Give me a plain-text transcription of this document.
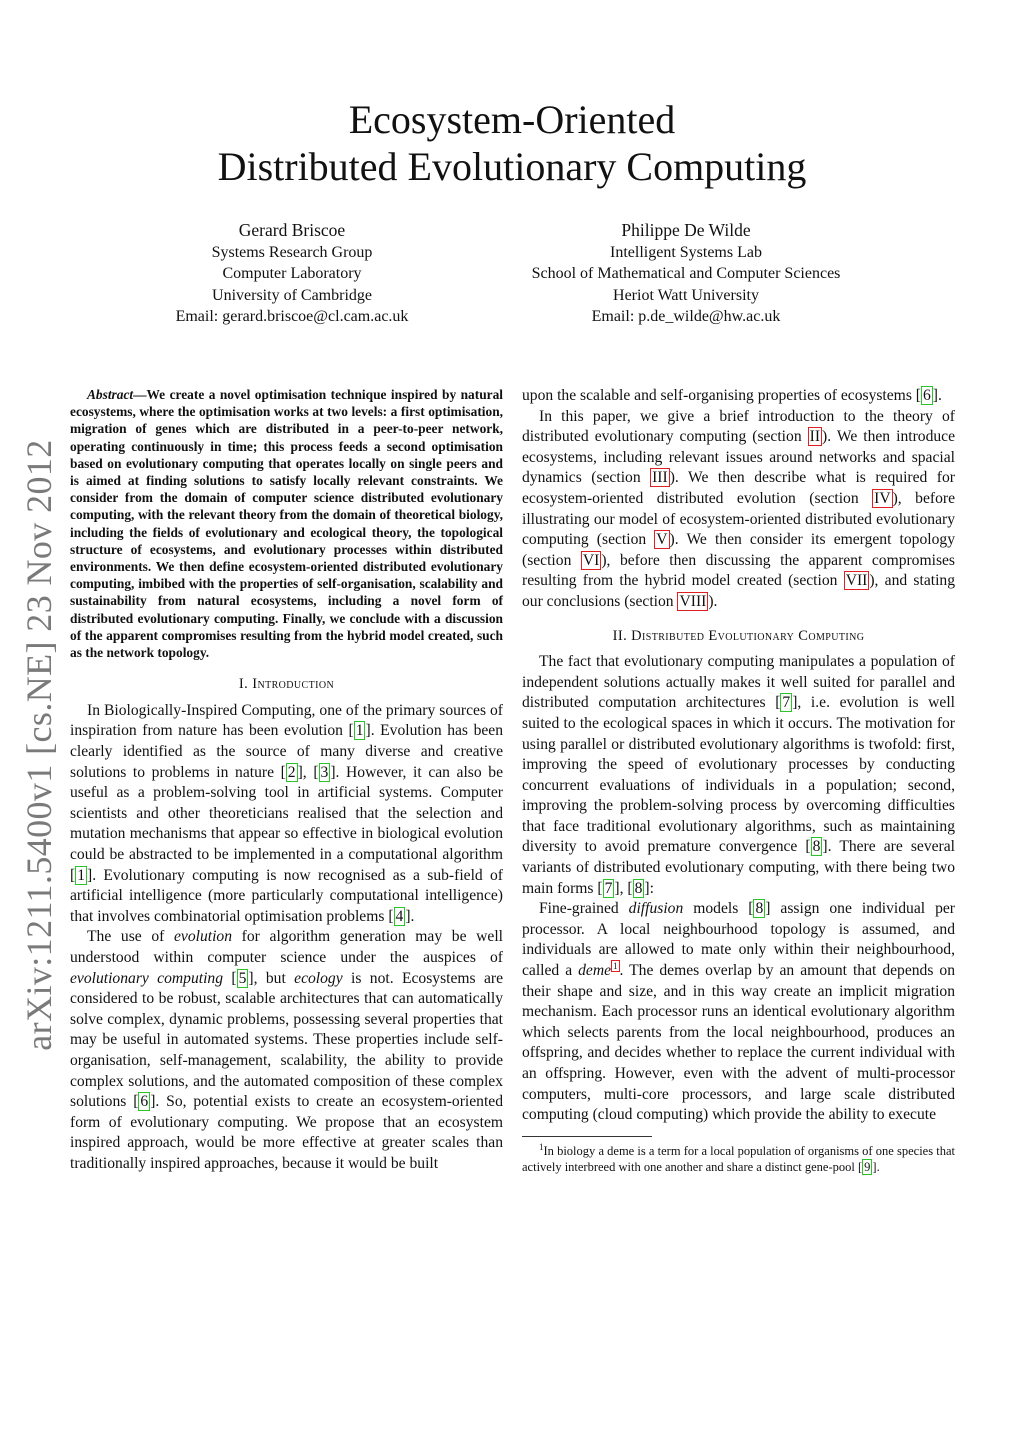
Ecosystem-Oriented
Distributed Evolutionary Computing
Gerard Briscoe
Systems Research Group
Computer Laboratory
University of Cambridge
Email: gerard.briscoe@cl.cam.ac.uk
Philippe De Wilde
Intelligent Systems Lab
School of Mathematical and Computer Sciences
Heriot Watt University
Email: p.de_wilde@hw.ac.uk
arXiv:1211.5400v1 [cs.NE] 23 Nov 2012

Abstract—We create a novel optimisation technique inspired by natural ecosystems, where the optimisation works at two levels: a first optimisation, migration of genes which are distributed in a peer-to-peer network, operating continuously in time; this process feeds a second optimisation based on evolutionary computing that operates locally on single peers and is aimed at finding solutions to satisfy locally relevant constraints. We consider from the domain of computer science distributed evolutionary computing, with the relevant theory from the domain of theoretical biology, including the fields of evolutionary and ecological theory, the topological structure of ecosystems, and evolutionary processes within distributed environments. We then define ecosystem-oriented distributed evolutionary computing, imbibed with the properties of self-organisation, scalability and sustainability from natural ecosystems, including a novel form of distributed evolutionary computing. Finally, we conclude with a discussion of the apparent compromises resulting from the hybrid model created, such as the network topology.

I. Introduction

In Biologically-Inspired Computing, one of the primary sources of inspiration from nature has been evolution [ 1 ]. Evolution has been clearly identified as the source of many diverse and creative solutions to problems in nature [ 2 ], [ 3 ]. However, it can also be useful as a problem-solving tool in artificial systems. Computer scientists and other theoreticians realised that the selection and mutation mechanisms that appear so effective in biological evolution could be abstracted to be implemented in a computational algorithm [ 1 ]. Evolutionary computing is now recognised as a sub-field of artificial intelligence (more particularly computational intelligence) that involves combinatorial optimisation problems [ 4 ].

The use of evolution for algorithm generation may be well understood within computer science under the auspices of evolutionary computing [ 5 ], but ecology is not. Ecosystems are considered to be robust, scalable architectures that can automatically solve complex, dynamic problems, possessing several properties that may be useful in automated systems. These properties include self-organisation, self-management, scalability, the ability to provide complex solutions, and the automated composition of these complex solutions [ 6 ]. So, potential exists to create an ecosystem-oriented form of evolutionary computing. We propose that an ecosystem inspired approach, would be more effective at greater scales than traditionally inspired approaches, because it would be built

upon the scalable and self-organising properties of ecosystems [ 6 ].

In this paper, we give a brief introduction to the theory of distributed evolutionary computing (section II ). We then introduce ecosystems, including relevant issues around networks and spacial dynamics (section III ). We then describe what is required for ecosystem-oriented distributed evolution (section IV ), before illustrating our model of ecosystem-oriented distributed evolutionary computing (section V ). We then consider its emergent topology (section VI ), before then discussing the apparent compromises resulting from the hybrid model created (section VII ), and stating our conclusions (section VIII ).

II. Distributed Evolutionary Computing

The fact that evolutionary computing manipulates a population of independent solutions actually makes it well suited for parallel and distributed computation architectures [ 7 ], i.e. evolution is well suited to the ecological spaces in which it occurs. The motivation for using parallel or distributed evolutionary algorithms is twofold: first, improving the speed of evolutionary processes by conducting concurrent evaluations of individuals in a population; second, improving the problem-solving process by overcoming difficulties that face traditional evolutionary algorithms, such as maintaining diversity to avoid premature convergence [ 8 ]. There are several variants of distributed evolutionary computing, with there being two main forms [ 7 ], [ 8 ]:

Fine-grained diffusion models [ 8 ] assign one individual per processor. A local neighbourhood topology is assumed, and individuals are allowed to mate only within their neighbourhood, called a deme $^1$ . The demes overlap by an amount that depends on their shape and size, and in this way create an implicit migration mechanism. Each processor runs an identical evolutionary algorithm which selects parents from the local neighbourhood, produces an offspring, and decides whether to replace the current individual with an offspring. However, even with the advent of multi-processor computers, multi-core processors, and large scale distributed computing (cloud computing) which provide the ability to execute

$^1$In biology a deme is a term for a local population of organisms of one species that actively interbreed with one another and share a distinct gene-pool [ 9 ].
